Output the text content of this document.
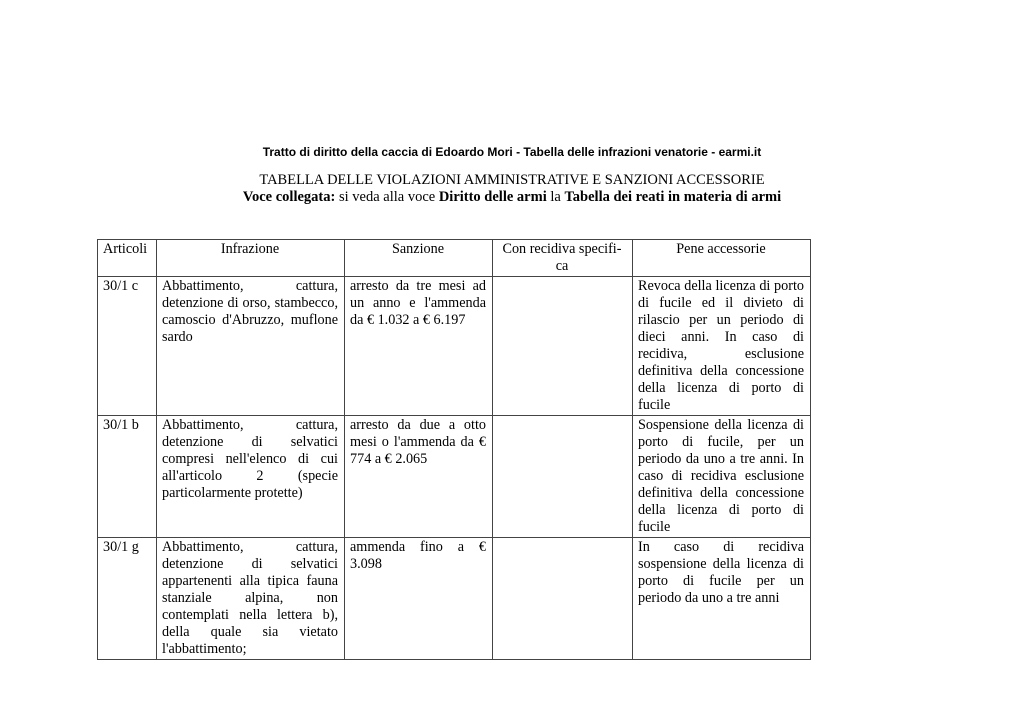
Tratto di diritto della caccia di Edoardo Mori - Tabella delle infrazioni venatorie - earmi.it
TABELLA DELLE VIOLAZIONI AMMINISTRATIVE E SANZIONI ACCESSORIE
Voce collegata: si veda alla voce Diritto delle armi la Tabella dei reati in materia di armi
Articoli	Infrazione	Sanzione	Con recidiva specifi-ca	Pene accessorie
30/1 c	Abbattimento, cattura, detenzione di orso, stambecco, camoscio d'Abruzzo, muflone sardo	arresto da tre mesi ad un anno e l'ammenda da € 1.032 a € 6.197		Revoca della licenza di porto di fucile ed il divieto di rilascio per un periodo di dieci anni. In caso di recidiva, esclusione definitiva della concessione della licenza di porto di fucile
30/1 b	Abbattimento, cattura, detenzione di selvatici compresi nell'elenco di cui all'articolo 2 (specie particolarmente protette)	arresto da due a otto mesi o l'ammenda da € 774 a € 2.065		Sospensione della licenza di porto di fucile, per un periodo da uno a tre anni. In caso di recidiva esclusione definitiva della concessione della licenza di porto di fucile
30/1 g	Abbattimento, cattura, detenzione di selvatici appartenenti alla tipica fauna stanziale alpina, non contemplati nella lettera b), della quale sia vietato l'abbattimento;	ammenda fino a € 3.098		In caso di recidiva sospensione della licenza di porto di fucile per un periodo da uno a tre anni
